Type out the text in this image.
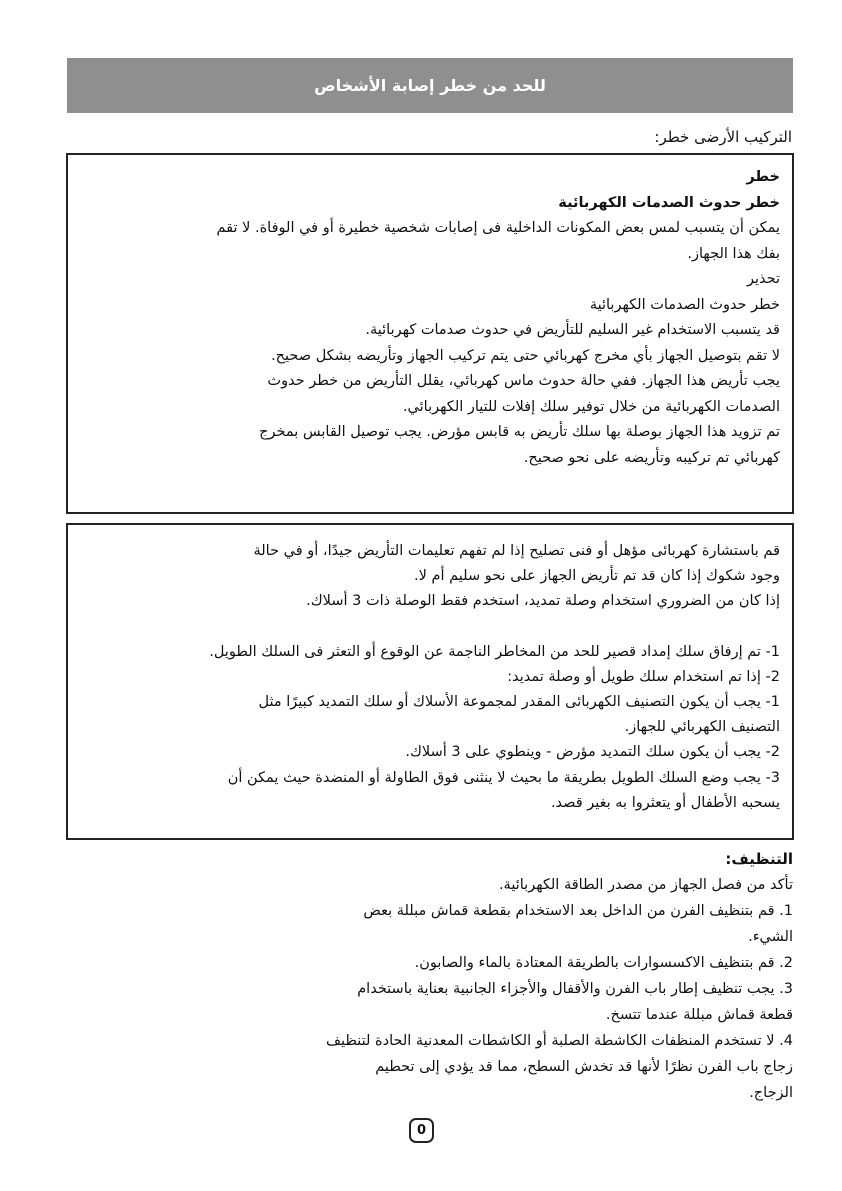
للحد من خطر إصابة الأشخاص
التركيب الأرضى خطر:

خطر

خطر حدوث الصدمات الكهربائية

يمكن أن يتسبب لمس بعض المكونات الداخلية فى إصابات شخصية خطيرة أو في الوفاة. لا تقم

بفك هذا الجهاز.

تحذير

خطر حدوث الصدمات الكهربائية

قد يتسبب الاستخدام غير السليم للتأريض في حدوث صدمات كهربائية.

لا تقم بتوصيل الجهاز بأي مخرج كهربائي حتى يتم تركيب الجهاز وتأريضه بشكل صحيح.

يجب تأريض هذا الجهاز. ففي حالة حدوث ماس كهربائي، يقلل التأريض من خطر حدوث

الصدمات الكهربائية من خلال توفير سلك إفلات للتيار الكهربائي.

تم تزويد هذا الجهاز بوصلة بها سلك تأريض به قابس مؤرض. يجب توصيل القابس بمخرج

كهربائي تم تركيبه وتأريضه على نحو صحيح.

قم باستشارة كهربائى مؤهل أو فنى تصليح إذا لم تفهم تعليمات التأريض جيدًا، أو في حالة

وجود شكوك إذا كان قد تم تأريض الجهاز على نحو سليم أم لا.

إذا كان من الضروري استخدام وصلة تمديد، استخدم فقط الوصلة ذات 3 أسلاك.

1- تم إرفاق سلك إمداد قصير للحد من المخاطر الناجمة عن الوقوع أو التعثر فى السلك الطويل.

2- إذا تم استخدام سلك طويل أو وصلة تمديد:

1- يجب أن يكون التصنيف الكهربائى المقدر لمجموعة الأسلاك أو سلك التمديد كبيرًا مثل

التصنيف الكهربائي للجهاز.

2- يجب أن يكون سلك التمديد مؤرض - وينطوي على 3 أسلاك.

3- يجب وضع السلك الطويل بطريقة ما بحيث لا ينثنى فوق الطاولة أو المنضدة حيث يمكن أن

يسحبه الأطفال أو يتعثروا به بغير قصد.

التنظيف:

تأكد من فصل الجهاز من مصدر الطاقة الكهربائية.

1. قم بتنظيف الفرن من الداخل بعد الاستخدام بقطعة قماش مبللة بعض

الشيء.

2. قم بتنظيف الاكسسوارات بالطريقة المعتادة بالماء والصابون.

3. يجب تنظيف إطار باب الفرن والأقفال والأجزاء الجانبية بعناية باستخدام

قطعة قماش مبللة عندما تتسخ.

4. لا تستخدم المنظفات الكاشطة الصلبة أو الكاشطات المعدنية الحادة لتنظيف

زجاج باب الفرن نظرًا لأنها قد تخدش السطح، مما قد يؤدي إلى تحطيم

الزجاج.

0
